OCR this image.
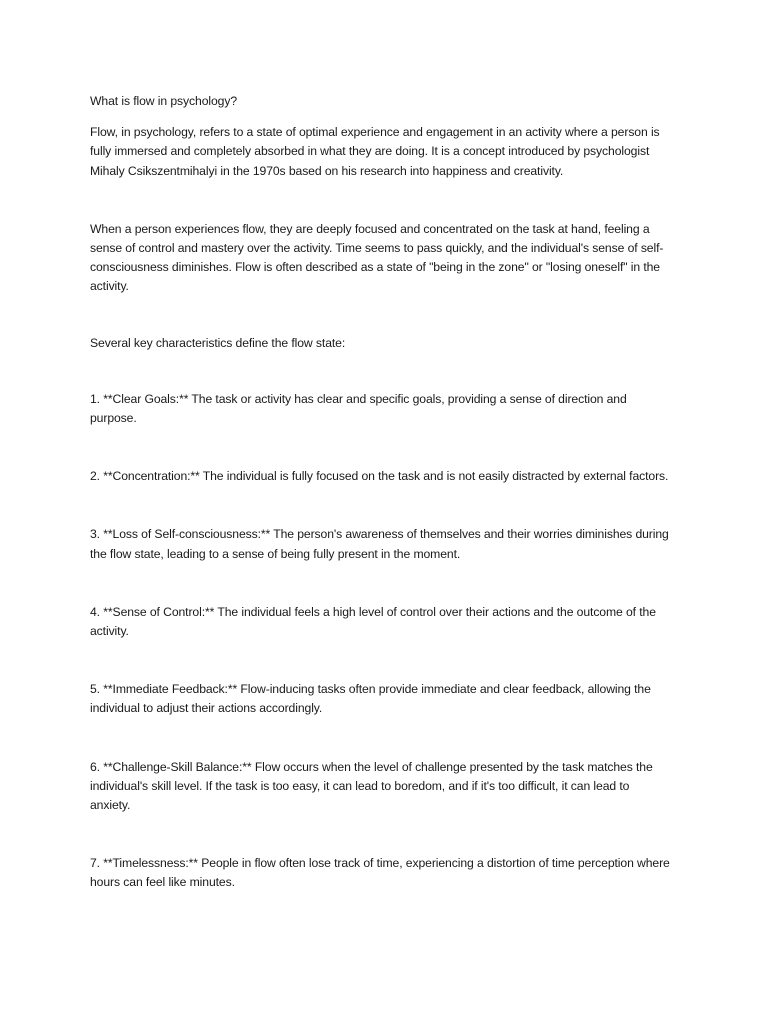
What is flow in psychology?

Flow, in psychology, refers to a state of optimal experience and engagement in an activity where a person is fully immersed and completely absorbed in what they are doing. It is a concept introduced by psychologist Mihaly Csikszentmihalyi in the 1970s based on his research into happiness and creativity.

When a person experiences flow, they are deeply focused and concentrated on the task at hand, feeling a sense of control and mastery over the activity. Time seems to pass quickly, and the individual's sense of self-consciousness diminishes. Flow is often described as a state of "being in the zone" or "losing oneself" in the activity.

Several key characteristics define the flow state:

1. **Clear Goals:** The task or activity has clear and specific goals, providing a sense of direction and purpose.

2. **Concentration:** The individual is fully focused on the task and is not easily distracted by external factors.

3. **Loss of Self-consciousness:** The person's awareness of themselves and their worries diminishes during the flow state, leading to a sense of being fully present in the moment.

4. **Sense of Control:** The individual feels a high level of control over their actions and the outcome of the activity.

5. **Immediate Feedback:** Flow-inducing tasks often provide immediate and clear feedback, allowing the individual to adjust their actions accordingly.

6. **Challenge-Skill Balance:** Flow occurs when the level of challenge presented by the task matches the individual's skill level. If the task is too easy, it can lead to boredom, and if it's too difficult, it can lead to anxiety.

7. **Timelessness:** People in flow often lose track of time, experiencing a distortion of time perception where hours can feel like minutes.
